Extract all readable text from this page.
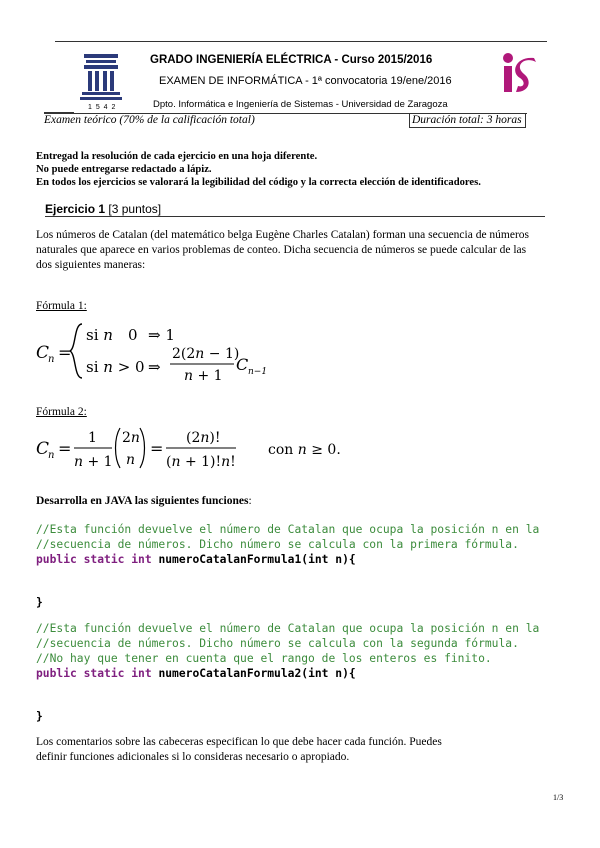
1 5 4 2
GRADO INGENIERÍA ELÉCTRICA - Curso 2015/2016
EXAMEN DE INFORMÁTICA - 1ª convocatoria 19/ene/2016
Dpto. Informática e Ingeniería de Sistemas - Universidad de Zaragoza
Examen teórico (70% de la calificación total)	Duración total: 3 horas
Entregad la resolución de cada ejercicio en una hoja diferente.
No puede entregarse redactado a lápiz.
En todos los ejercicios se valorará la legibilidad del código y la correcta elección de identificadores.
Ejercicio 1 [3 puntos]
Los números de Catalan (del matemático belga Eugène Charles Catalan) forman una secuencia de números
naturales que aparece en varios problemas de conteo. Dicha secuencia de números se puede calcular de las
dos siguientes maneras:
Fórmula 1:
C
n =
si n 0 ⇒ 1
si n > 0 ⇒
2(2n − 1)
n + 1
C n−1
Fórmula 2:
C
n =
1
n + 1
2n
n
=
(2n)!
(n + 1)!n!
con n ≥ 0.
Desarrolla en JAVA las siguientes funciones:
//Esta función devuelve el número de Catalan que ocupa la posición n en la
//secuencia de números. Dicho número se calcula con la primera fórmula.
public static int numeroCatalanFormula1(int n){
}
//Esta función devuelve el número de Catalan que ocupa la posición n en la
//secuencia de números. Dicho número se calcula con la segunda fórmula.
//No hay que tener en cuenta que el rango de los enteros es finito.
public static int numeroCatalanFormula2(int n){
}
Los comentarios sobre las cabeceras especifican lo que debe hacer cada función. Puedes
definir funciones adicionales si lo consideras necesario o apropiado.
1/3
